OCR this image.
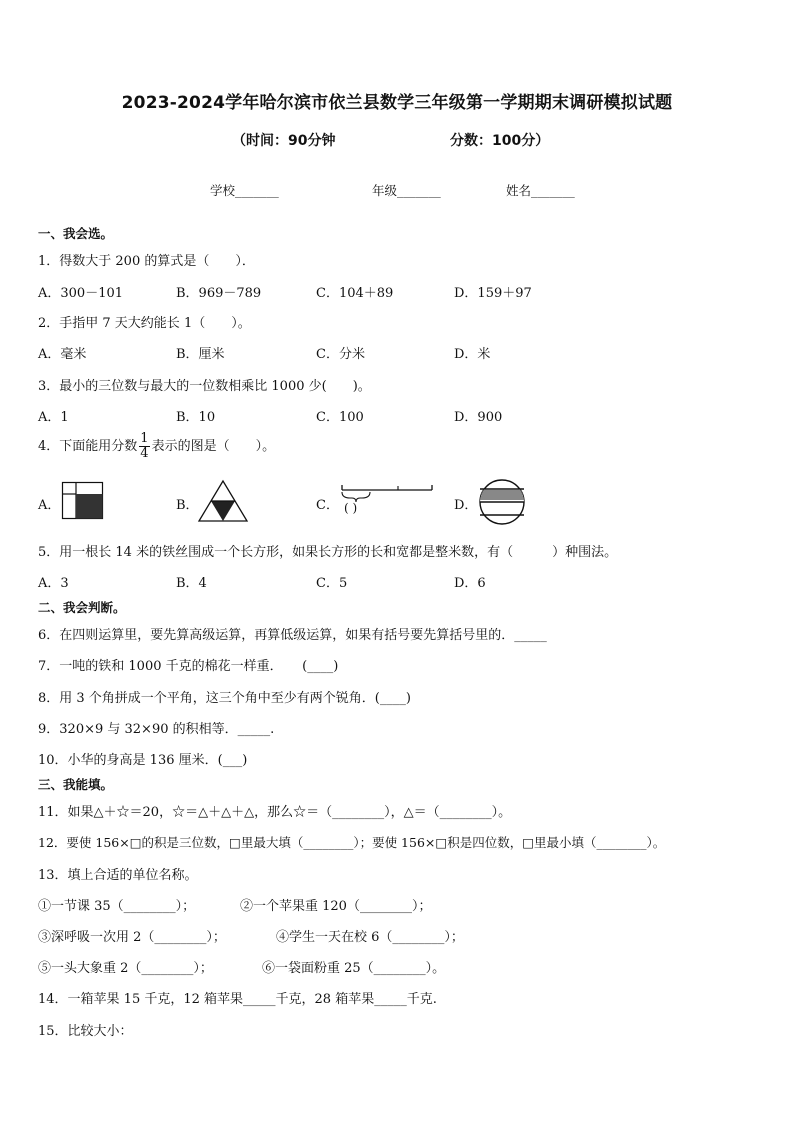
2023-2024学年哈尔滨市依兰县数学三年级第一学期期末调研模拟试题
（时间：90分钟	分数：100分）
学校_______	年级_______	姓名_______
一、我会选。
1．得数大于 200 的算式是（　　）．
A．300－101	B．969－789	C．104＋89	D．159＋97
2．手指甲 7 天大约能长 1（　　）。
A．毫米	B．厘米	C．分米	D．米
3．最小的三位数与最大的一位数相乘比 1000 少(　　)。
A．1	B．10	C．100	D．900
4．下面能用分数 $\frac{1}{4}$ 表示的图是（　　）。
A．	B．	C． ( )	D．
5．用一根长 14 米的铁丝围成一个长方形，如果长方形的长和宽都是整米数，有（　　　）种围法。
A．3	B．4	C．5	D．6
二、我会判断。
6．在四则运算里，要先算高级运算，再算低级运算，如果有括号要先算括号里的．_____
7．一吨的铁和 1000 千克的棉花一样重．　　(____)
8．用 3 个角拼成一个平角，这三个角中至少有两个锐角．(____)
9．320×9 与 32×90 的积相等．_____.
10．小华的身高是 136 厘米．(___)
三、我能填。
11．如果△＋☆＝20，☆＝△＋△＋△，那么☆＝（________），△＝（________）。
12．要使 156×□的积是三位数，□里最大填（________）；要使 156×□积是四位数，□里最小填（________）。
13．填上合适的单位名称。
①一节课 35（________）；	②一个苹果重 120（________）；
③深呼吸一次用 2（________）；	④学生一天在校 6（________）；
⑤一头大象重 2（________）；	⑥一袋面粉重 25（________）。
14．一箱苹果 15 千克，12 箱苹果_____千克，28 箱苹果_____千克.
15．比较大小：
